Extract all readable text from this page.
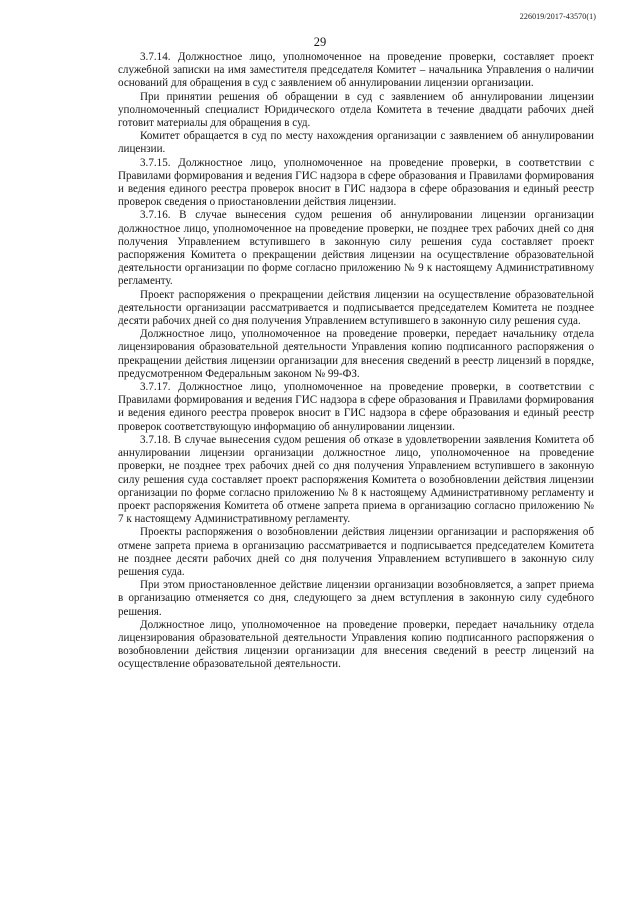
226019/2017-43570(1)
29

3.7.14. Должностное лицо, уполномоченное на проведение проверки, составляет проект служебной записки на имя заместителя председателя Комитет – начальника Управления о наличии оснований для обращения в суд с заявлением об аннулировании лицензии организации.

При принятии решения об обращении в суд с заявлением об аннулировании лицензии уполномоченный специалист Юридического отдела Комитета в течение двадцати рабочих дней готовит материалы для обращения в суд.

Комитет обращается в суд по месту нахождения организации с заявлением об аннулировании лицензии.

3.7.15. Должностное лицо, уполномоченное на проведение проверки, в соответствии с Правилами формирования и ведения ГИС надзора в сфере образования и Правилами формирования и ведения единого реестра проверок вносит в ГИС надзора в сфере образования и единый реестр проверок сведения о приостановлении действия лицензии.

3.7.16. В случае вынесения судом решения об аннулировании лицензии организации должностное лицо, уполномоченное на проведение проверки, не позднее трех рабочих дней со дня получения Управлением вступившего в законную силу решения суда составляет проект распоряжения Комитета о прекращении действия лицензии на осуществление образовательной деятельности организации по форме согласно приложению № 9 к настоящему Административному регламенту.

Проект распоряжения о прекращении действия лицензии на осуществление образовательной деятельности организации рассматривается и подписывается председателем Комитета не позднее десяти рабочих дней со дня получения Управлением вступившего в законную силу решения суда.

Должностное лицо, уполномоченное на проведение проверки, передает начальнику отдела лицензирования образовательной деятельности Управления копию подписанного распоряжения о прекращении действия лицензии организации для внесения сведений в реестр лицензий в порядке, предусмотренном Федеральным законом № 99-ФЗ.

3.7.17. Должностное лицо, уполномоченное на проведение проверки, в соответствии с Правилами формирования и ведения ГИС надзора в сфере образования и Правилами формирования и ведения единого реестра проверок вносит в ГИС надзора в сфере образования и единый реестр проверок соответствующую информацию об аннулировании лицензии.

3.7.18. В случае вынесения судом решения об отказе в удовлетворении заявления Комитета об аннулировании лицензии организации должностное лицо, уполномоченное на проведение проверки, не позднее трех рабочих дней со дня получения Управлением вступившего в законную силу решения суда составляет проект распоряжения Комитета о возобновлении действия лицензии организации по форме согласно приложению № 8 к настоящему Административному регламенту и проект распоряжения Комитета об отмене запрета приема в организацию согласно приложению № 7 к настоящему Административному регламенту.

Проекты распоряжения о возобновлении действия лицензии организации и распоряжения об отмене запрета приема в организацию рассматривается и подписывается председателем Комитета не позднее десяти рабочих дней со дня получения Управлением вступившего в законную силу решения суда.

При этом приостановленное действие лицензии организации возобновляется, а запрет приема в организацию отменяется со дня, следующего за днем вступления в законную силу судебного решения.

Должностное лицо, уполномоченное на проведение проверки, передает начальнику отдела лицензирования образовательной деятельности Управления копию подписанного распоряжения о возобновлении действия лицензии организации для внесения сведений в реестр лицензий на осуществление образовательной деятельности.
